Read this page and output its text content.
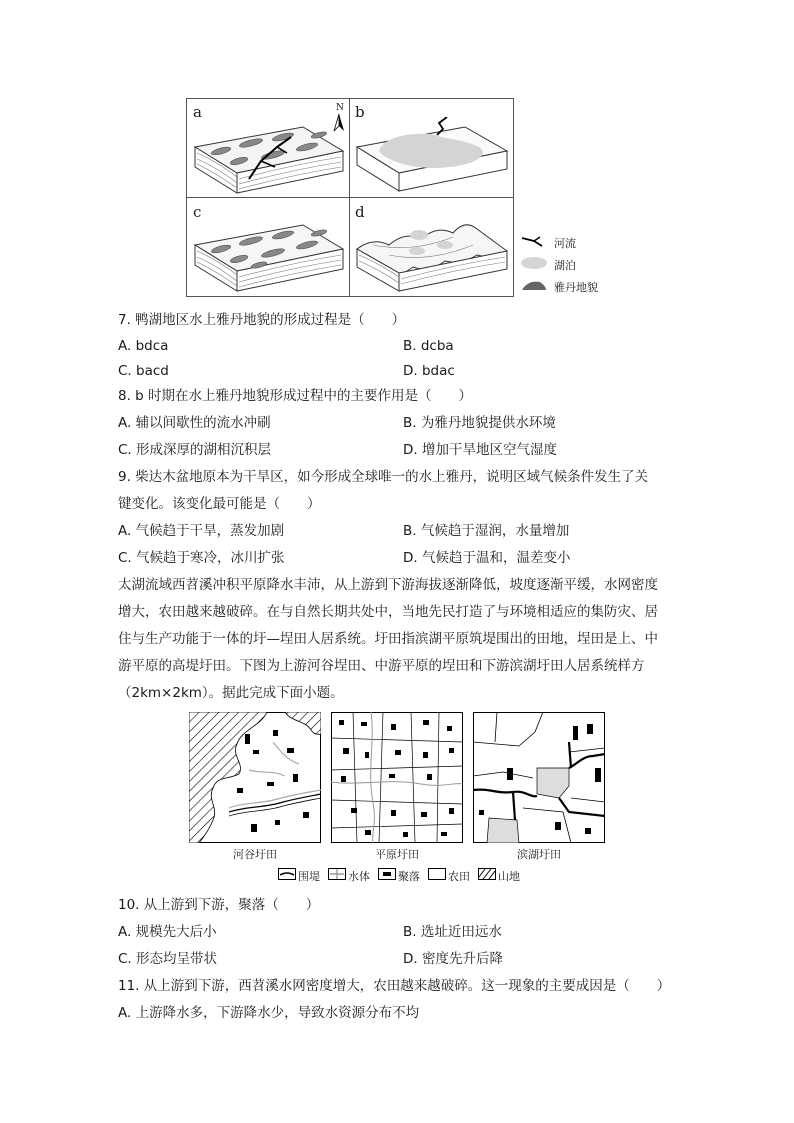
a	N b
c	d
河流
湖泊
雅丹地貌
7. 鸭湖地区水上雅丹地貌的形成过程是（　　）
A. bdca	B. dcba
C. bacd	D. bdac
8. b 时期在水上雅丹地貌形成过程中的主要作用是（　　）
A. 辅以间歇性的流水冲刷	B. 为雅丹地貌提供水环境
C. 形成深厚的湖相沉积层	D. 增加干旱地区空气湿度
9. 柴达木盆地原本为干旱区，如今形成全球唯一的水上雅丹，说明区域气候条件发生了关
键变化。该变化最可能是（　　）
A. 气候趋于干旱，蒸发加剧	B. 气候趋于湿润，水量增加
C. 气候趋于寒冷，冰川扩张	D. 气候趋于温和，温差变小
太湖流域西苕溪冲积平原降水丰沛，从上游到下游海拔逐渐降低，坡度逐渐平缓，水网密度
增大，农田越来越破碎。在与自然长期共处中，当地先民打造了与环境相适应的集防灾、居
住与生产功能于一体的圩—埕田人居系统。圩田指滨湖平原筑堤围出的田地，埕田是上、中
游平原的高堤圩田。下图为上游河谷埕田、中游平原的埕田和下游滨湖圩田人居系统样方
（2km×2km）。据此完成下面小题。
河谷圩田	平原圩田	滨湖圩田
围堤	水体	聚落	农田	山地
10. 从上游到下游，聚落（　　）
A. 规模先大后小	B. 选址近田远水
C. 形态均呈带状	D. 密度先升后降
11. 从上游到下游，西苕溪水网密度增大，农田越来越破碎。这一现象的主要成因是（　　）
A. 上游降水多，下游降水少，导致水资源分布不均
